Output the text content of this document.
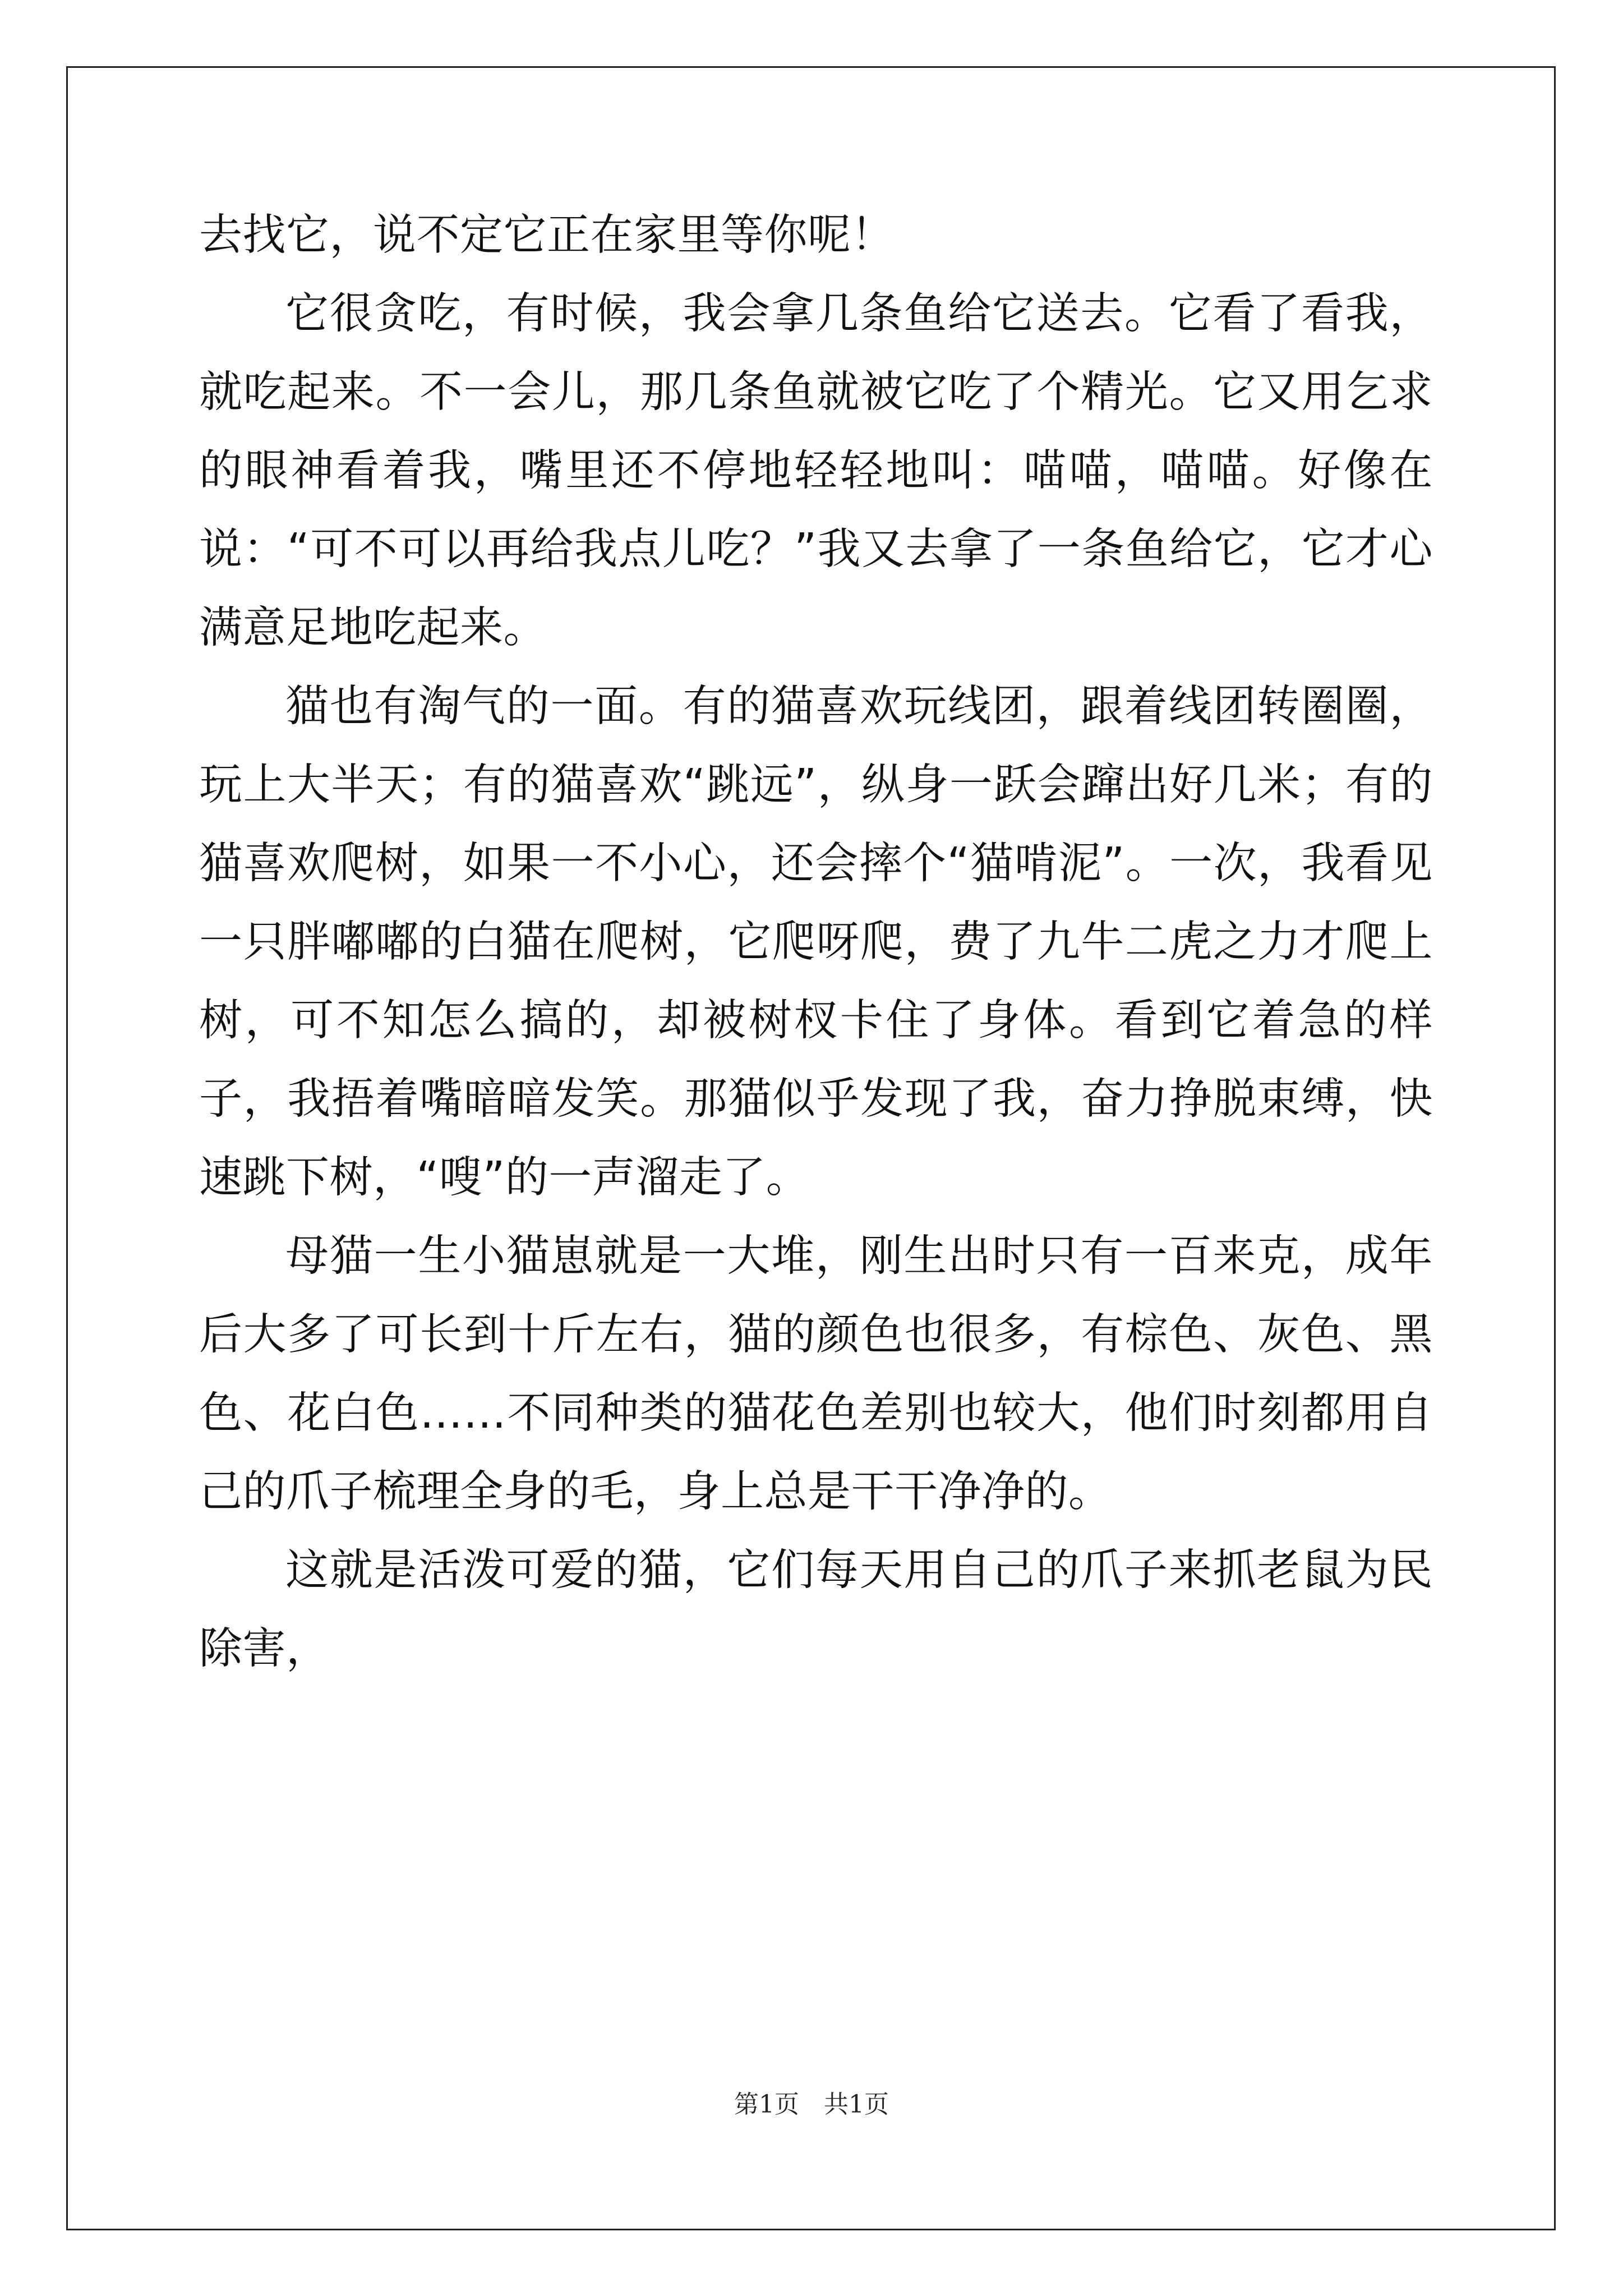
去找它，说不定它正在家里等你呢！

它很贪吃，有时候，我会拿几条鱼给它送去。它看了看我，就吃起来。不一会儿，那几条鱼就被它吃了个精光。它又用乞求的眼神看着我，嘴里还不停地轻轻地叫：喵喵，喵喵。好像在说：“可不可以再给我点儿吃？”我又去拿了一条鱼给它，它才心满意足地吃起来。

猫也有淘气的一面。有的猫喜欢玩线团，跟着线团转圈圈，玩上大半天；有的猫喜欢“跳远”，纵身一跃会蹿出好几米；有的猫喜欢爬树，如果一不小心，还会摔个“猫啃泥”。一次，我看见一只胖嘟嘟的白猫在爬树，它爬呀爬，费了九牛二虎之力才爬上树，可不知怎么搞的，却被树杈卡住了身体。看到它着急的样子，我捂着嘴暗暗发笑。那猫似乎发现了我，奋力挣脱束缚，快速跳下树，“嗖”的一声溜走了。

母猫一生小猫崽就是一大堆，刚生出时只有一百来克，成年后大多了可长到十斤左右，猫的颜色也很多，有棕色、灰色、黑色、花白色……不同种类的猫花色差别也较大，他们时刻都用自己的爪子梳理全身的毛，身上总是干干净净的。

这就是活泼可爱的猫，它们每天用自己的爪子来抓老鼠为民除害，

第1页　共1页
